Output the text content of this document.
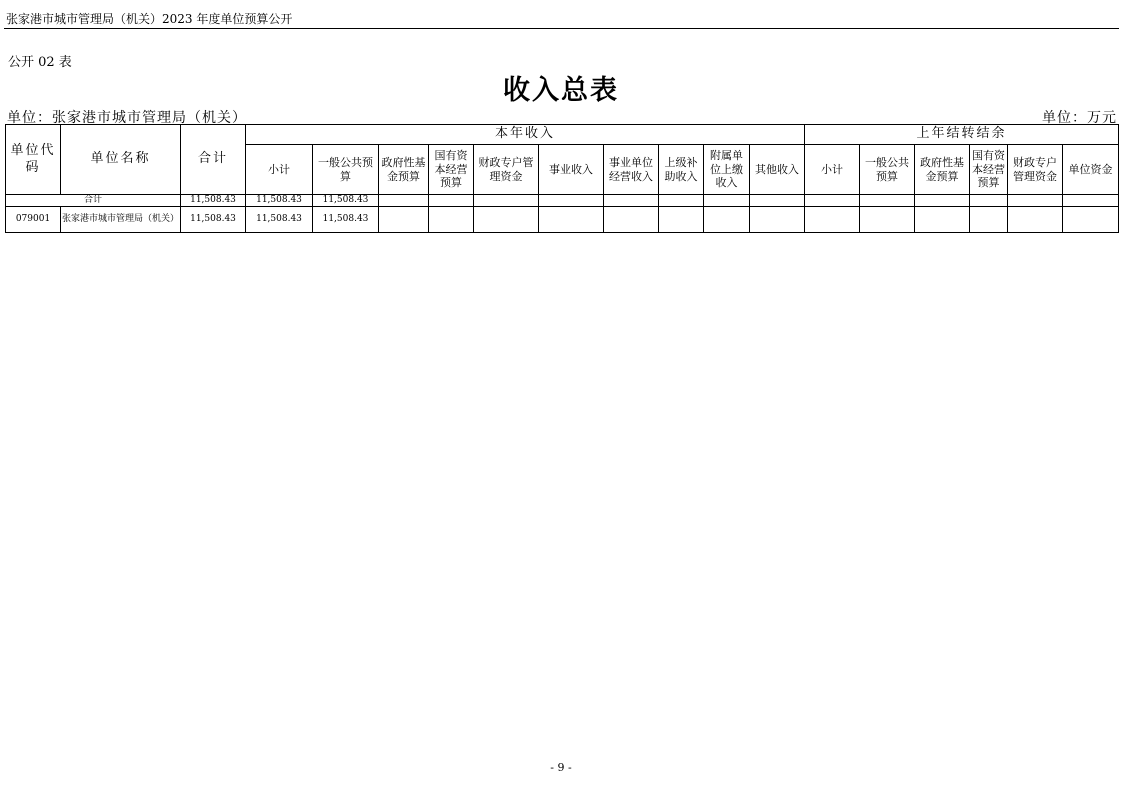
张家港市城市管理局（机关）2023 年度单位预算公开
公开 02 表
收入总表
单位：张家港市城市管理局（机关）	单位：万元
单位代码	单位名称	合计	本年收入										上年结转结余					
			小计	一般公共预算	政府性基金预算	国有资本经营预算	财政专户管理资金	事业收入	事业单位经营收入	上级补助收入	附属单位上缴收入	其他收入	小计	一般公共预算	政府性基金预算	国有资本经营预算	财政专户管理资金	单位资金
合计		11,508.43	11,508.43	11,508.43														
079001	张家港市城市管理局（机关）	11,508.43	11,508.43	11,508.43														
- 9 -
